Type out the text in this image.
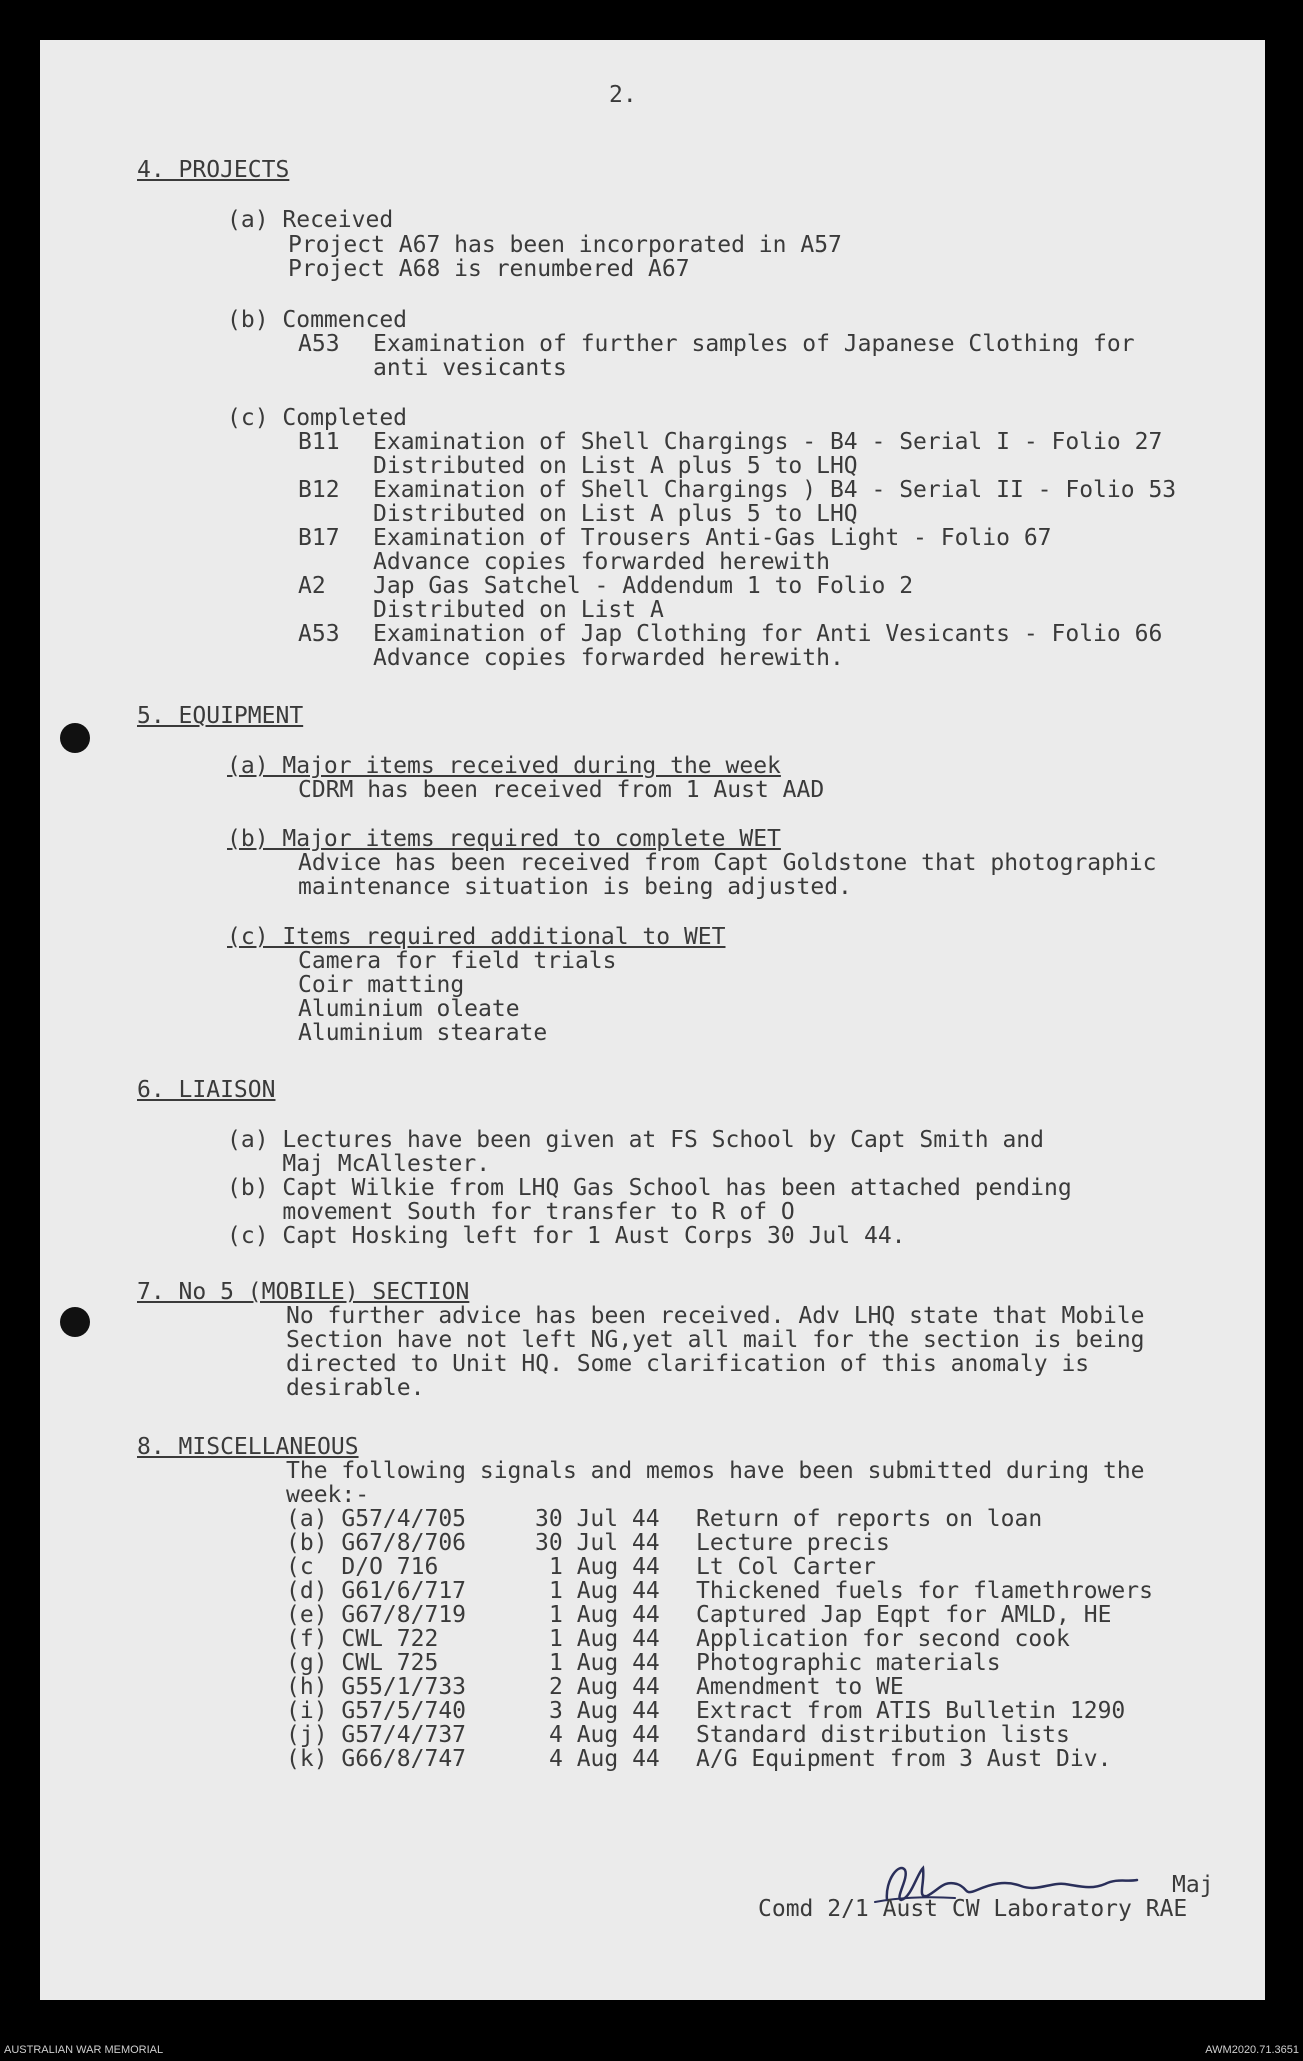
2.
4. PROJECTS
(a) Received
Project A67 has been incorporated in A57
Project A68 is renumbered A67
(b) Commenced
A53 Examination of further samples of Japanese Clothing for
anti vesicants
(c) Completed
B11 Examination of Shell Chargings - B4 - Serial I - Folio 27
Distributed on List A plus 5 to LHQ
B12 Examination of Shell Chargings ) B4 - Serial II - Folio 53
Distributed on List A plus 5 to LHQ
B17 Examination of Trousers Anti-Gas Light - Folio 67
Advance copies forwarded herewith
A2 Jap Gas Satchel - Addendum 1 to Folio 2
Distributed on List A
A53 Examination of Jap Clothing for Anti Vesicants - Folio 66
Advance copies forwarded herewith.
5. EQUIPMENT
(a) Major items received during the week
CDRM has been received from 1 Aust AAD
(b) Major items required to complete WET
Advice has been received from Capt Goldstone that photographic
maintenance situation is being adjusted.
(c) Items required additional to WET
Camera for field trials
Coir matting
Aluminium oleate
Aluminium stearate
6. LIAISON
(a) Lectures have been given at FS School by Capt Smith and
Maj McAllester.
(b) Capt Wilkie from LHQ Gas School has been attached pending
movement South for transfer to R of O
(c) Capt Hosking left for 1 Aust Corps 30 Jul 44.
7. No 5 (MOBILE) SECTION
No further advice has been received. Adv LHQ state that Mobile
Section have not left NG,yet all mail for the section is being
directed to Unit HQ. Some clarification of this anomaly is
desirable.
8. MISCELLANEOUS
The following signals and memos have been submitted during the
week:-
(a) G57/4/705	30 Jul 44 Return of reports on loan
(b) G67/8/706	30 Jul 44 Lecture precis
(c  D/O 716	1 Aug 44 Lt Col Carter
(d) G61/6/717	1 Aug 44 Thickened fuels for flamethrowers
(e) G67/8/719	1 Aug 44 Captured Jap Eqpt for AMLD, HE
(f) CWL 722	1 Aug 44 Application for second cook
(g) CWL 725	1 Aug 44 Photographic materials
(h) G55/1/733	2 Aug 44 Amendment to WE
(i) G57/5/740	3 Aug 44 Extract from ATIS Bulletin 1290
(j) G57/4/737	4 Aug 44 Standard distribution lists
(k) G66/8/747	4 Aug 44 A/G Equipment from 3 Aust Div.
Maj
Comd 2/1 Aust CW Laboratory RAE
AUSTRALIAN WAR MEMORIAL	AWM2020.71.3651
